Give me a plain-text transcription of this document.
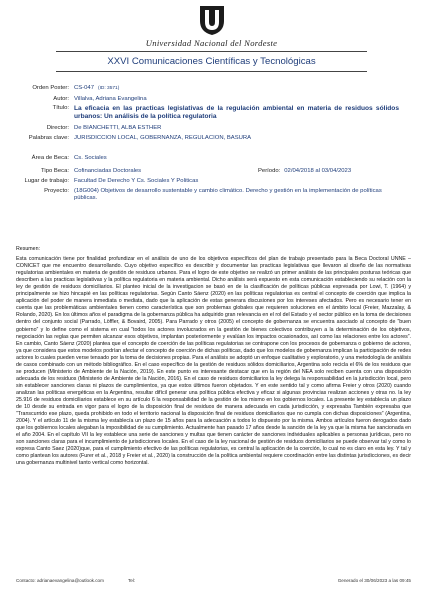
Universidad Nacional del Nordeste
XXVI Comunicaciones Científicas y Tecnológicas
Orden Poster: CS-047 (ID: 3571)
Autor: Villalva, Adriana Evangelina
Título: La eficacia en las practicas legislativas de la regulación ambiental en materia de residuos sólidos urbanos: Un análisis de la política regulatoria
Director: De BIANCHETTI, ALBA ESTHER
Palabras clave: JURISDICCION LOCAL, GOBERNANZA, REGULACION, BASURA
Área de Beca: Cs. Sociales
Tipo Beca: Cofinanciadas Doctorales	Período: 02/04/2018 al 03/04/2023
Lugar de trabajo: Facultad De Derecho Y Cs. Sociales Y Politicas
Proyecto: (18G004) Objetivos de desarrollo sustentable y cambio climático. Derecho y gestión en la implementación de políticas públicas.
Resumen:
Esta comunicación tiene por finalidad profundizar en el análisis de uno de los objetivos específicos del plan de trabajo presentado para la Beca Doctoral UNNE – CONICET que me encuentro desarrollando. Cuyo objetivo específico es describir y documentar las practicas legislativas que llevaron al diseño de las normativas regulatorias ambientales en materia de gestión de residuos urbanos. Para el logro de este objetivo se realizó un primer análisis de las principales posturas teóricas que describen a las practicas legislativas y la política regulatoria en materia ambiental. Dicho análisis será expuesto en esta comunicación estableciendo su relación con la ley de gestión de residuos domiciliarios. El planteo inicial de la investigacion se basó en de la clasificación de políticas públicas expresada por Lowi, T. (1964) y principalmente se hizo hincapié en las políticas regulatorias. Según Canto Sáenz (2020) en las políticas regulatorias es central el concepto de coerción que implica la aplicación del poder de manera inmediata o mediata, dado que la aplicación de estas generara discusiones por los intereses afectados. Pero es necesario tener en cuenta que las problemáticas ambientales tienen como característica que son problemas globales que requieren soluciones en el ámbito local (Freier, Mazzalay, & Rolando, 2020). En los últimos años el paradigma de la gobernanza pública ha adquirido gran relevancia en el rol del Estado y el sector público en la toma de decisiones dentro del conjunto social (Parrado, Löffler, & Bovaird, 2005). Para Parrado y otros (2005) el concepto de gobernanza se encuentra asociado al concepto de “buen gobierno” y lo define como el sistema en cual “todos los actores involucrados en la gestión de bienes colectivos contribuyen a la determinación de los objetivos, negociación las reglas que permiten alcanzar esos objetivos, implantan posteriormente y evalúan los impactos ocasionados, así como las relaciones entre los actores”. En cambio, Canto Sáenz (2020) plantea que el concepto de coerción de las políticas regulatorias se contrapone con los procesos de gobernanza o gobierno de actores, ya que considera que estos modelos podrían afectar el concepto de coerción de dichas políticas, dado que los modelos de gobernanza implican la participación de redes actores lo cuales pueden verse tensado por la toma de decisiones propias. Para el análisis se adoptó un enfoque cualitativo y exploratorio, y una metodología de análisis de casos combinado con un método bibliográfico. En el caso específico de la gestión de residuos sólidos domiciliarios, Argentina solo recicla el 6% de los residuos que se producen (Ministerio de Ambiente de la Nación, 2019). En este punto es interesante destacar que en la región del NEA solo reciben cuenta con una disposición adecuada de los residuos (Ministerio de Ambiente de la Nación, 2016). En el caso de residuos domiciliarios la ley delega la responsabilidad en la jurisdicción local, pero sin establecer sanciones claras ni plazos de cumplimientos, ya que estos últimos fueron objetados. Y en este sentido tal y como afirma Freier y otros (2020) cuando analizan las políticas energéticas en la Argentina, resultar difícil generar una política pública efectiva y eficaz si algunas provincias realizan acciones y otras no. la ley 25.916 de residuos domiciliarios establece en su artículo 6 la responsabilidad de la gestión de los mismo en los gobiernos locales. La presente ley establecía un plazo de 10 desde su entrada en vigor para el logro de la disposición final de residuos de manera adecuada en cada jurisdicción, y expresaba También expresaba que “Transcurrido ese plazo, queda prohibido en todo el territorio nacional la disposición final de residuos domiciliarios que no cumpla con dichas disposiciones” (Argentina, 2004). Y el artículo 11 de la misma ley establecía un plazo de 15 años para la adecuación a todos lo dispuesto por la misma. Ambos artículos fueron derogados dado que los gobiernos locales alegaban la imposibilidad de su cumplimiento. Actualmente han pasado 17 años desde la sanción de la ley ya que la misma fue sancionada en el año 2004. En el capítulo VII la ley establece una serie de sanciones y multas que tienen carácter de sanciones individuales aplicables a personas jurídicas, pero no son sanciones claras para el incumplimiento de jurisdicciones locales. En el caso de la ley nacional de gestión de residuos domiciliarios se puede observar tal y como lo expresa Canto Saez (2020)que, para el cumplimiento efectivo de las políticas regulatorias, es central la aplicación de la coerción, lo cual no es claro en esta ley. Y tal y como plantean los autores (Furer et al., 2018 y Freier et al., 2020) la construcción de la política ambiental requiere coordinación entre las distintas jurisdicciones, es decir una gobernanza multinivel tanto vertical como horizontal.
Contacto: adrianaevangelina@outlook.com	Tel:	Generado el 30/06/2023 a las 09:45
